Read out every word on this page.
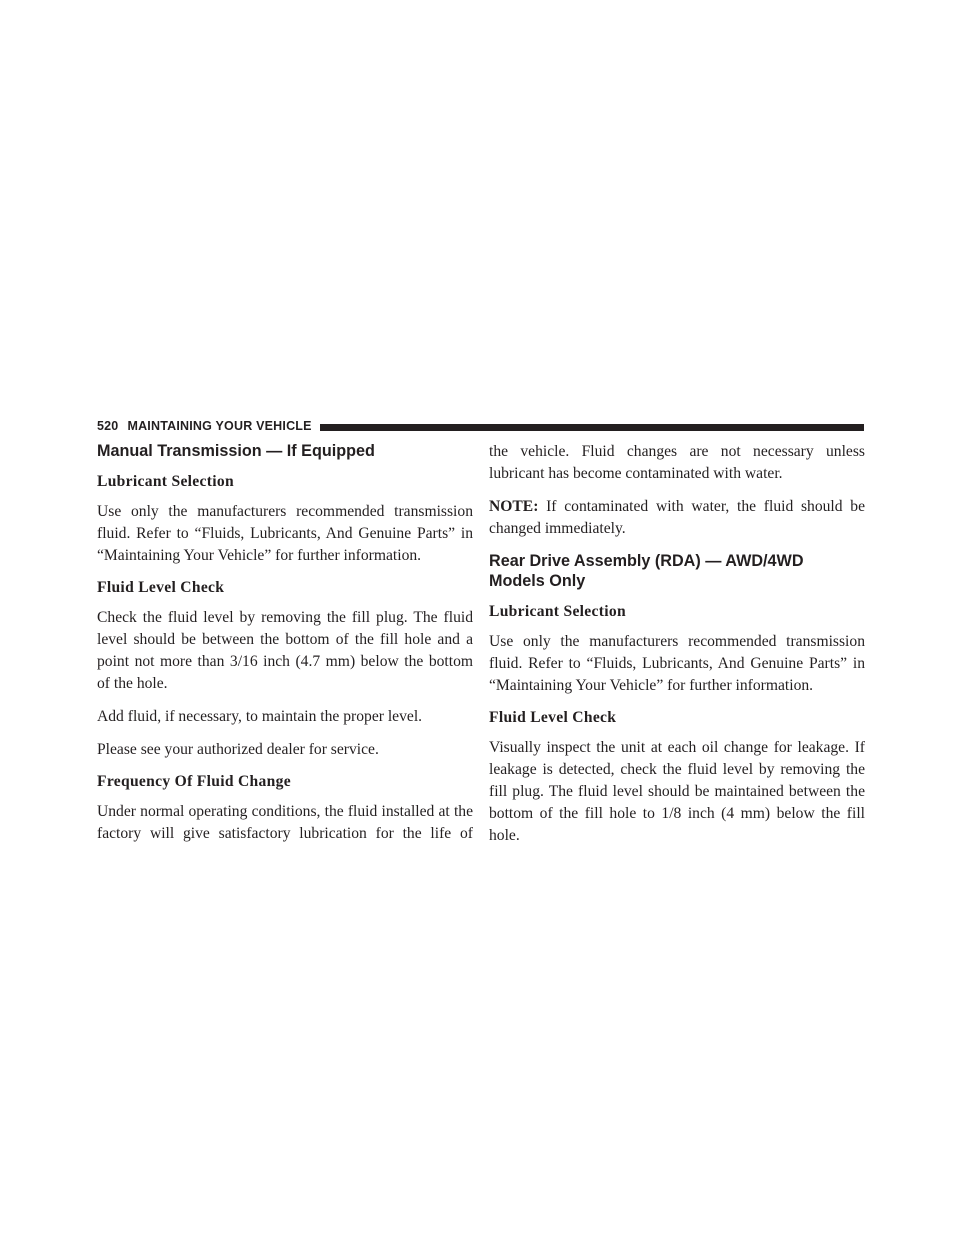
520 MAINTAINING YOUR VEHICLE
Manual Transmission — If Equipped
Lubricant Selection

Use only the manufacturers recommended transmission fluid. Refer to “Fluids, Lubricants, And Genuine Parts” in “Maintaining Your Vehicle” for further information.

Fluid Level Check

Check the fluid level by removing the fill plug. The fluid level should be between the bottom of the fill hole and a point not more than 3/16 inch (4.7 mm) below the bottom of the hole.

Add fluid, if necessary, to maintain the proper level.

Please see your authorized dealer for service.

Frequency Of Fluid Change

Under normal operating conditions, the fluid installed at the factory will give satisfactory lubrication for the life of

the vehicle. Fluid changes are not necessary unless lubricant has become contaminated with water.

NOTE: If contaminated with water, the fluid should be changed immediately.

Rear Drive Assembly (RDA) — AWD/4WD Models Only
Lubricant Selection

Use only the manufacturers recommended transmission fluid. Refer to “Fluids, Lubricants, And Genuine Parts” in “Maintaining Your Vehicle” for further information.

Fluid Level Check

Visually inspect the unit at each oil change for leakage. If leakage is detected, check the fluid level by removing the fill plug. The fluid level should be maintained between the bottom of the fill hole to 1/8 inch (4 mm) below the fill hole.
